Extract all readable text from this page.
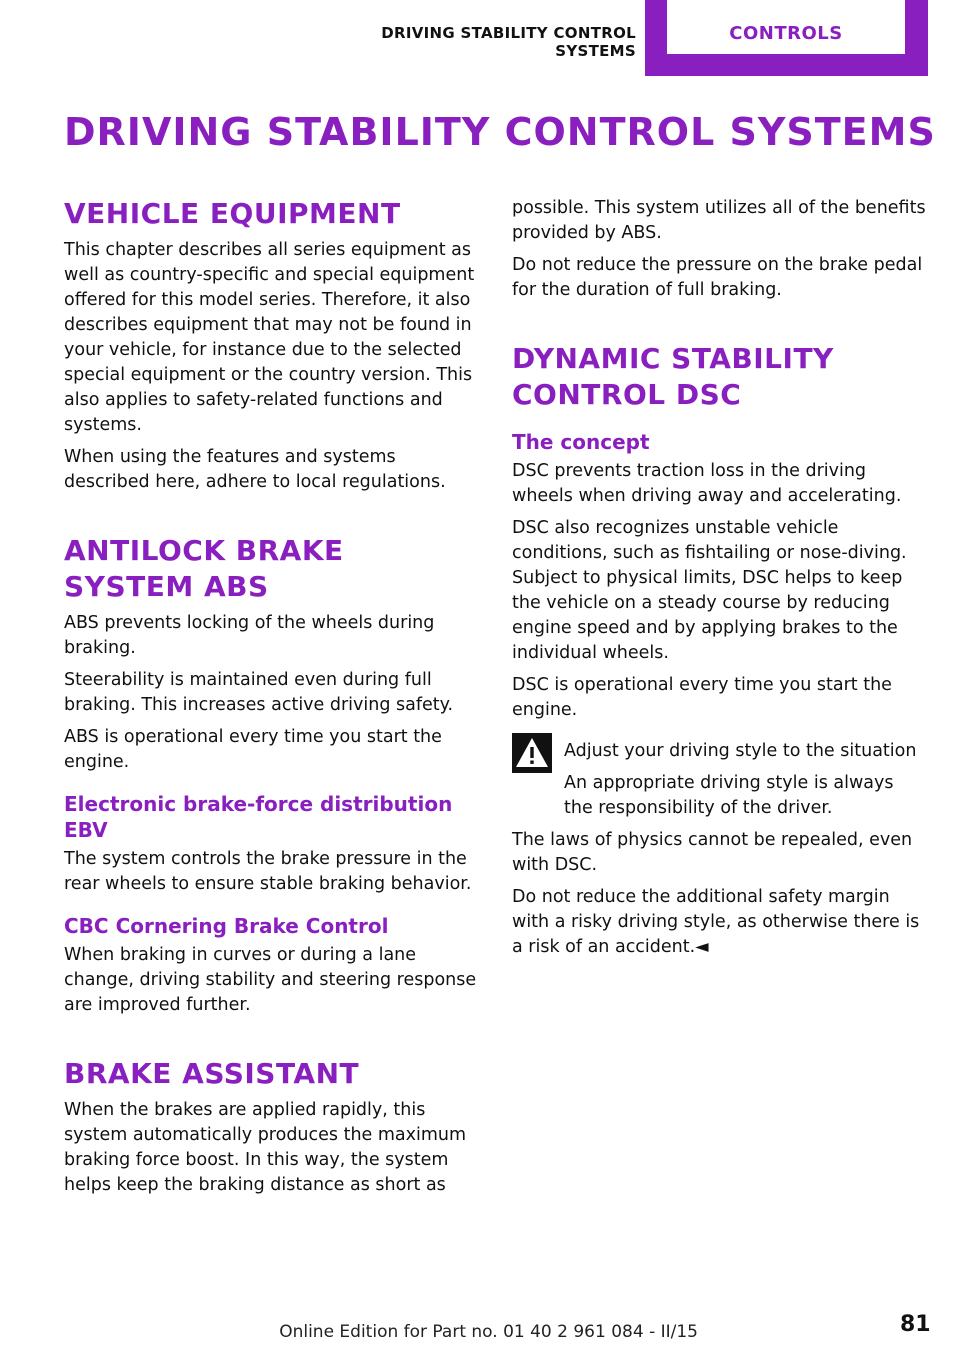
DRIVING STABILITY CONTROL SYSTEMS
CONTROLS
DRIVING STABILITY CONTROL SYSTEMS
VEHICLE EQUIPMENT

This chapter describes all series equipment as well as country-specific and special equipment offered for this model series. Therefore, it also describes equipment that may not be found in your vehicle, for instance due to the selected special equipment or the country version. This also applies to safety-related functions and systems.

When using the features and systems described here, adhere to local regulations.

ANTILOCK BRAKE SYSTEM ABS

ABS prevents locking of the wheels during braking.

Steerability is maintained even during full braking. This increases active driving safety.

ABS is operational every time you start the engine.

Electronic brake-force distribution EBV

The system controls the brake pressure in the rear wheels to ensure stable braking behavior.

CBC Cornering Brake Control

When braking in curves or during a lane change, driving stability and steering response are improved further.

BRAKE ASSISTANT

When the brakes are applied rapidly, this system automatically produces the maximum braking force boost. In this way, the system helps keep the braking distance as short as

possible. This system utilizes all of the benefits provided by ABS.

Do not reduce the pressure on the brake pedal for the duration of full braking.

DYNAMIC STABILITY CONTROL DSC
The concept

DSC prevents traction loss in the driving wheels when driving away and accelerating.

DSC also recognizes unstable vehicle conditions, such as fishtailing or nose-diving. Subject to physical limits, DSC helps to keep the vehicle on a steady course by reducing engine speed and by applying brakes to the individual wheels.

DSC is operational every time you start the engine.

Adjust your driving style to the situation

An appropriate driving style is always the responsibility of the driver.

The laws of physics cannot be repealed, even with DSC.

Do not reduce the additional safety margin with a risky driving style, as otherwise there is a risk of an accident.◄

Online Edition for Part no. 01 40 2 961 084 - II/15	81
